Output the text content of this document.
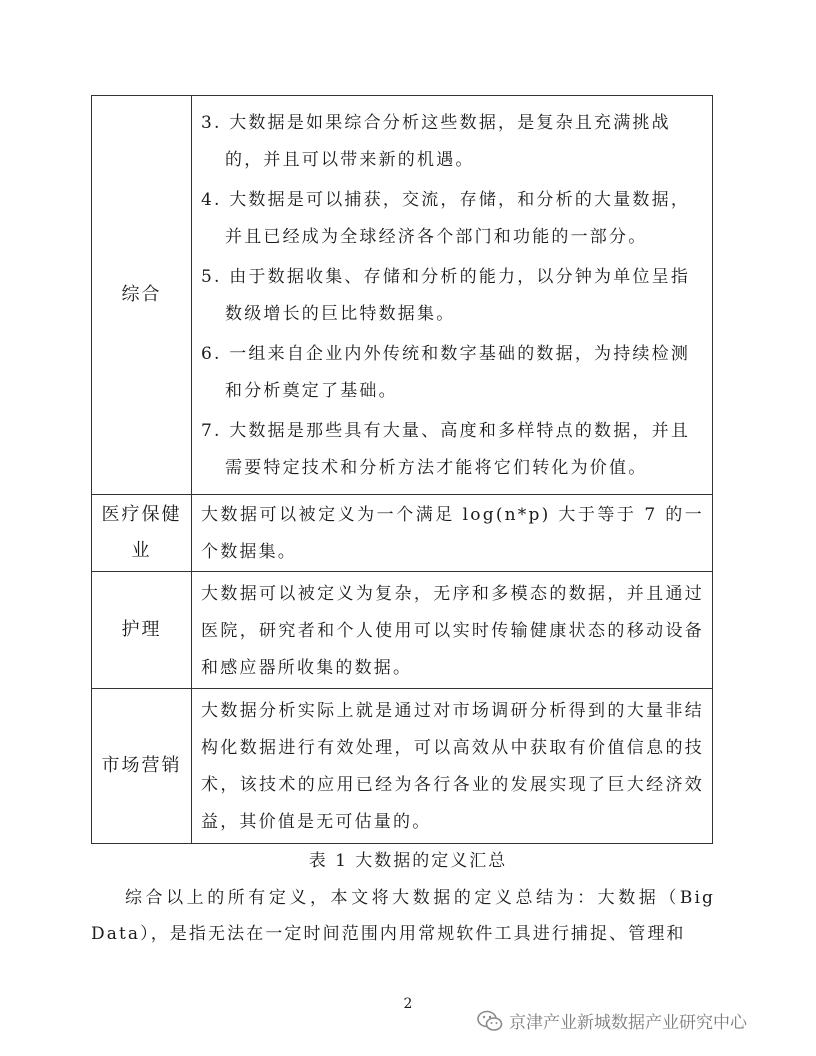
综合	3. 大数据是如果综合分析这些数据，是复杂且充满挑战的，并且可以带来新的机遇。

4. 大数据是可以捕获，交流，存储，和分析的大量数据，并且已经成为全球经济各个部门和功能的一部分。

5. 由于数据收集、存储和分析的能力，以分钟为单位呈指数级增长的巨比特数据集。

6. 一组来自企业内外传统和数字基础的数据，为持续检测和分析奠定了基础。

7. 大数据是那些具有大量、高度和多样特点的数据，并且需要特定技术和分析方法才能将它们转化为价值。

医疗保健业	大数据可以被定义为一个满足 log(n*p) 大于等于 7 的一个数据集。

护理	大数据可以被定义为复杂，无序和多模态的数据，并且通过医院，研究者和个人使用可以实时传输健康状态的移动设备和感应器所收集的数据。

市场营销	大数据分析实际上就是通过对市场调研分析得到的大量非结构化数据进行有效处理，可以高效从中获取有价值信息的技术，该技术的应用已经为各行各业的发展实现了巨大经济效益，其价值是无可估量的。

表 1 大数据的定义汇总

综合以上的所有定义，本文将大数据的定义总结为：大数据（Big Data），是指无法在一定时间范围内用常规软件工具进行捕捉、管理和

2
京津产业新城数据产业研究中心
